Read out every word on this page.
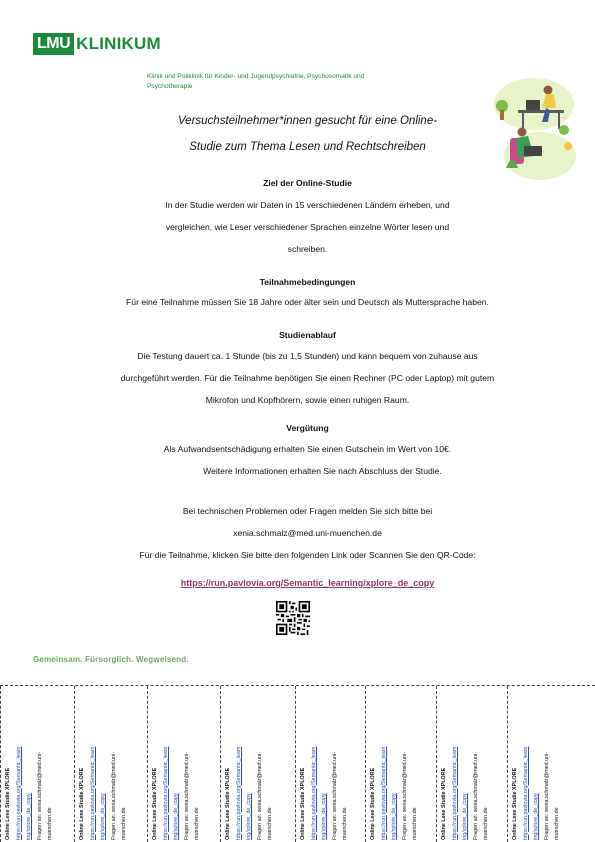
LMU KLINIKUM
Klinik und Poliklinik für Kinder- und Jugendpsychiatrie, Psychosomatik und
Psychotherapie
Versuchsteilnehmer*innen gesucht für eine Online-
Studie zum Thema Lesen und Rechtschreiben
Ziel der Online-Studie
In der Studie werden wir Daten in 15 verschiedenen Ländern erheben, und
vergleichen, wie Leser verschiedener Sprachen einzelne Wörter lesen und
schreiben.
Teilnahmebedingungen
Für eine Teilnahme müssen Sie 18 Jahre oder älter sein und Deutsch als Muttersprache haben.
Studienablauf
Die Testung dauert ca. 1 Stunde (bis zu 1,5 Stunden) und kann bequem von zuhause aus
durchgeführt werden. Für die Teilnahme benötigen Sie einen Rechner (PC oder Laptop) mit gutem
Mikrofon und Kopfhörern, sowie einen ruhigen Raum.
Vergütung
Als Aufwandsentschädigung erhalten Sie einen Gutschein im Wert von 10€.
Weitere Informationen erhalten Sie nach Abschluss der Studie.
Bei technischen Problemen oder Fragen melden Sie sich bitte bei
xenia.schmalz@med.uni-muenchen.de
Für die Teilnahme, klicken Sie bitte den folgenden Link oder Scannen Sie den QR-Code:
https://run.pavlovia.org/Semantic_learning/xplore_de_copy
Gemeinsam. Fürsorglich. Wegweisend.
Online Lese Studie XPLORE https://run.pavlovia.org/Semantic_learn ing/xplore_de_copy Fragen an: xenia.schmalz@med.uni- muenchen.de	Online Lese Studie XPLORE https://run.pavlovia.org/Semantic_learn ing/xplore_de_copy Fragen an: xenia.schmalz@med.uni- muenchen.de	Online Lese Studie XPLORE https://run.pavlovia.org/Semantic_learn ing/xplore_de_copy Fragen an: xenia.schmalz@med.uni- muenchen.de	Online Lese Studie XPLORE https://run.pavlovia.org/Semantic_learn ing/xplore_de_copy Fragen an: xenia.schmalz@med.uni- muenchen.de	Online Lese Studie XPLORE https://run.pavlovia.org/Semantic_learn ing/xplore_de_copy Fragen an: xenia.schmalz@med.uni- muenchen.de	Online Lese Studie XPLORE https://run.pavlovia.org/Semantic_learn ing/xplore_de_copy Fragen an: xenia.schmalz@med.uni- muenchen.de	Online Lese Studie XPLORE https://run.pavlovia.org/Semantic_learn ing/xplore_de_copy Fragen an: xenia.schmalz@med.uni- muenchen.de	Online Lese Studie XPLORE https://run.pavlovia.org/Semantic_learn ing/xplore_de_copy Fragen an: xenia.schmalz@med.uni- muenchen.de
